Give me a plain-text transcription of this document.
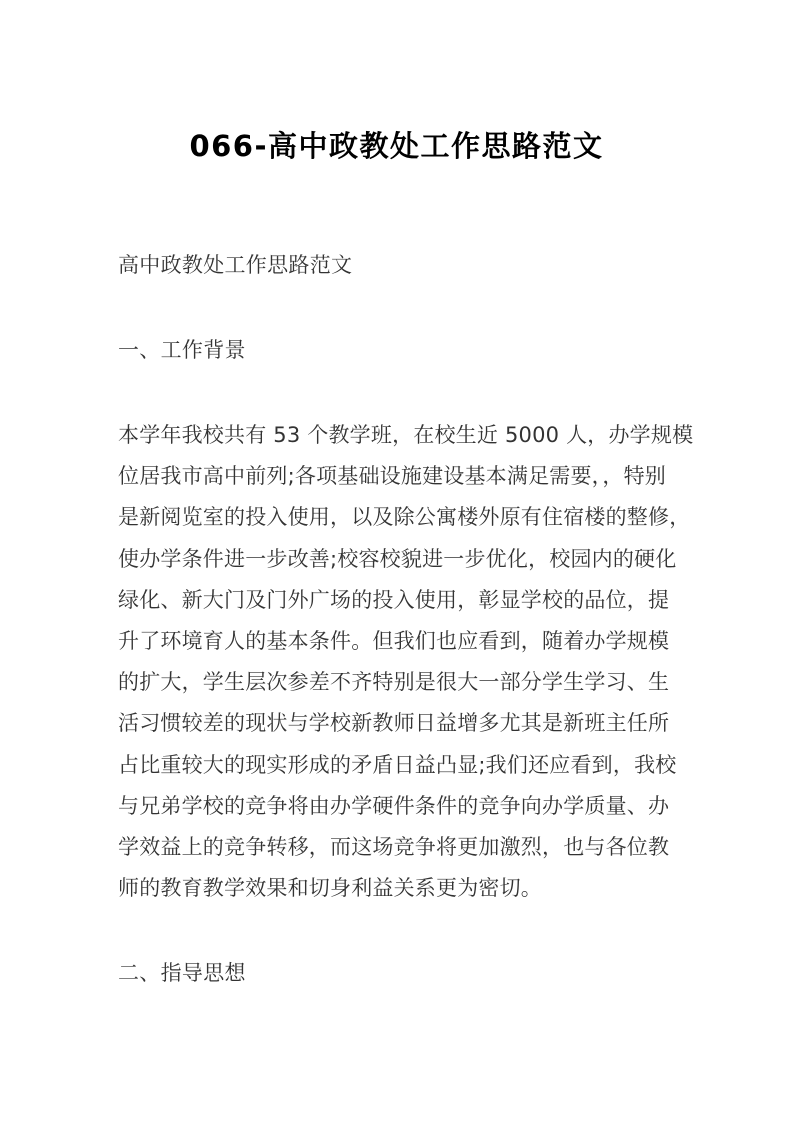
066-高中政教处工作思路范文

高中政教处工作思路范文

一、工作背景

本学年我校共有 53 个教学班，在校生近 5000 人，办学规模
位居我市高中前列;各项基础设施建设基本满足需要，，特别
是新阅览室的投入使用，以及除公寓楼外原有住宿楼的整修，
使办学条件进一步改善;校容校貌进一步优化，校园内的硬化
绿化、新大门及门外广场的投入使用，彰显学校的品位，提
升了环境育人的基本条件。但我们也应看到，随着办学规模
的扩大，学生层次参差不齐特别是很大一部分学生学习、生
活习惯较差的现状与学校新教师日益增多尤其是新班主任所
占比重较大的现实形成的矛盾日益凸显;我们还应看到，我校
与兄弟学校的竞争将由办学硬件条件的竞争向办学质量、办
学效益上的竞争转移，而这场竞争将更加激烈，也与各位教
师的教育教学效果和切身利益关系更为密切。

二、指导思想
